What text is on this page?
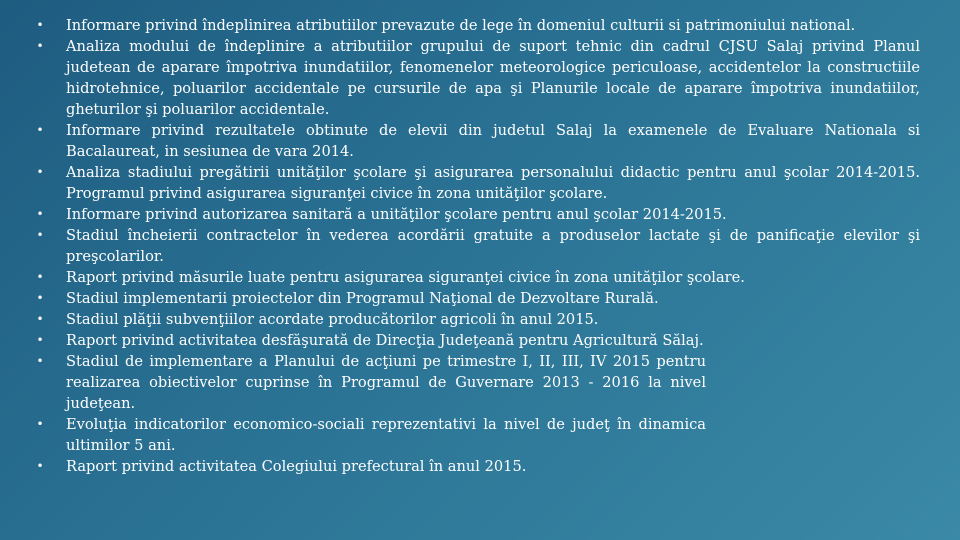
• Informare privind îndeplinirea atributiilor prevazute de lege în domeniul culturii si patrimoniului national.
• Analiza modului de îndeplinire a atributiilor grupului de suport tehnic din cadrul CJSU Salaj privind Planul judetean de aparare împotriva inundatiilor, fenomenelor meteorologice periculoase, accidentelor la constructiile hidrotehnice, poluarilor accidentale pe cursurile de apa şi Planurile locale de aparare împotriva inundatiilor, gheturilor şi poluarilor accidentale.
• Informare privind rezultatele obtinute de elevii din judetul Salaj la examenele de Evaluare Nationala si Bacalaureat, in sesiunea de vara 2014.
• Analiza stadiului pregătirii unităţilor şcolare şi asigurarea personalului didactic pentru anul şcolar 2014-2015. Programul privind asigurarea siguranţei civice în zona unităţilor şcolare.
• Informare privind autorizarea sanitară a unităţilor şcolare pentru anul şcolar 2014-2015.
• Stadiul încheierii contractelor în vederea acordării gratuite a produselor lactate şi de panificaţie elevilor şi preşcolarilor.
• Raport privind măsurile luate pentru asigurarea siguranţei civice în zona unităţilor şcolare.
• Stadiul implementarii proiectelor din Programul Naţional de Dezvoltare Rurală.
• Stadiul plăţii subvenţiilor acordate producătorilor agricoli în anul 2015.
• Raport privind activitatea desfăşurată de Direcţia Judeţeană pentru Agricultură Sălaj.
• Stadiul de implementare a Planului de acţiuni pe trimestre I, II, III, IV 2015 pentru realizarea obiectivelor cuprinse în Programul de Guvernare 2013 - 2016 la nivel judeţean.
• Evoluţia indicatorilor economico-sociali reprezentativi la nivel de judeţ în dinamica ultimilor 5 ani.
• Raport privind activitatea Colegiului prefectural în anul 2015.
